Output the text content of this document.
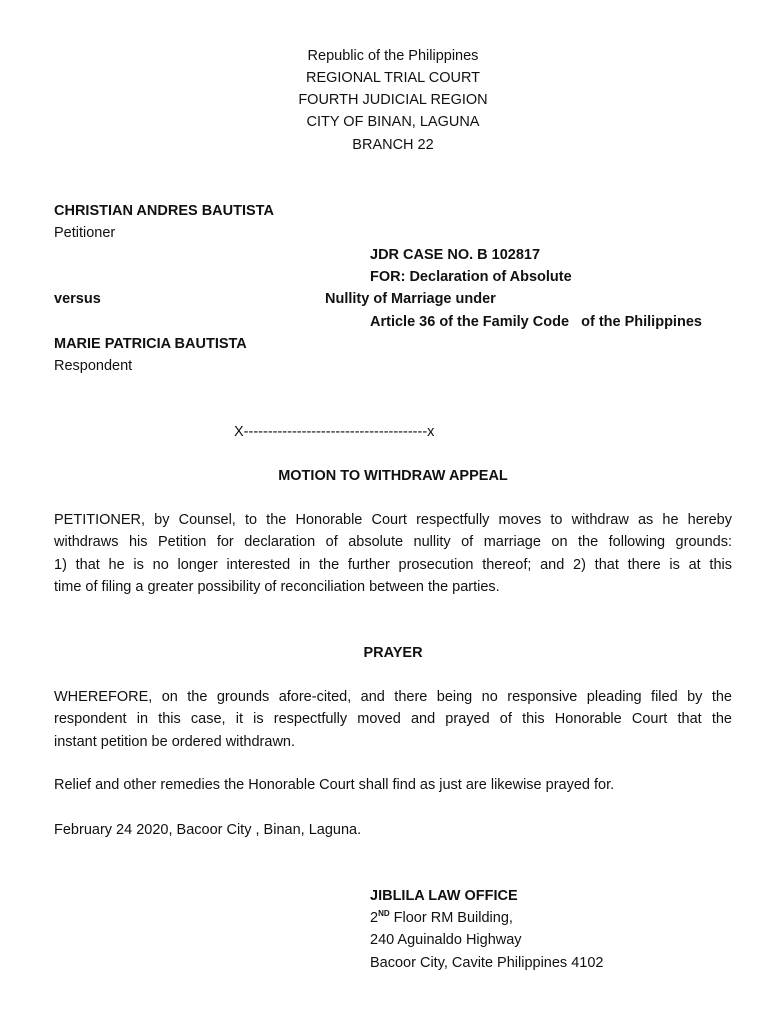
Republic of the Philippines
REGIONAL TRIAL COURT
FOURTH JUDICIAL REGION
CITY OF BINAN, LAGUNA
BRANCH 22
CHRISTIAN ANDRES BAUTISTA
Petitioner
JDR CASE NO. B 102817
FOR: Declaration of Absolute
versus	Nullity of Marriage under
Article 36 of the Family Code   of the Philippines
MARIE PATRICIA BAUTISTA
Respondent
X--------------------------------------x
MOTION TO WITHDRAW APPEAL
PETITIONER, by Counsel, to the Honorable Court respectfully moves to withdraw as he hereby
withdraws his Petition for declaration of absolute nullity of marriage on the following grounds:
1) that he is no longer interested in the further prosecution thereof; and 2) that there is at this
time of filing a greater possibility of reconciliation between the parties.
PRAYER
WHEREFORE, on the grounds afore-cited, and there being no responsive pleading filed by the
respondent in this case, it is respectfully moved and prayed of this Honorable Court that the
instant petition be ordered withdrawn.
Relief and other remedies the Honorable Court shall find as just are likewise prayed for.
February 24 2020, Bacoor City , Binan, Laguna.
JIBLILA LAW OFFICE
2ND Floor RM Building,
240 Aguinaldo Highway
Bacoor City, Cavite Philippines 4102
